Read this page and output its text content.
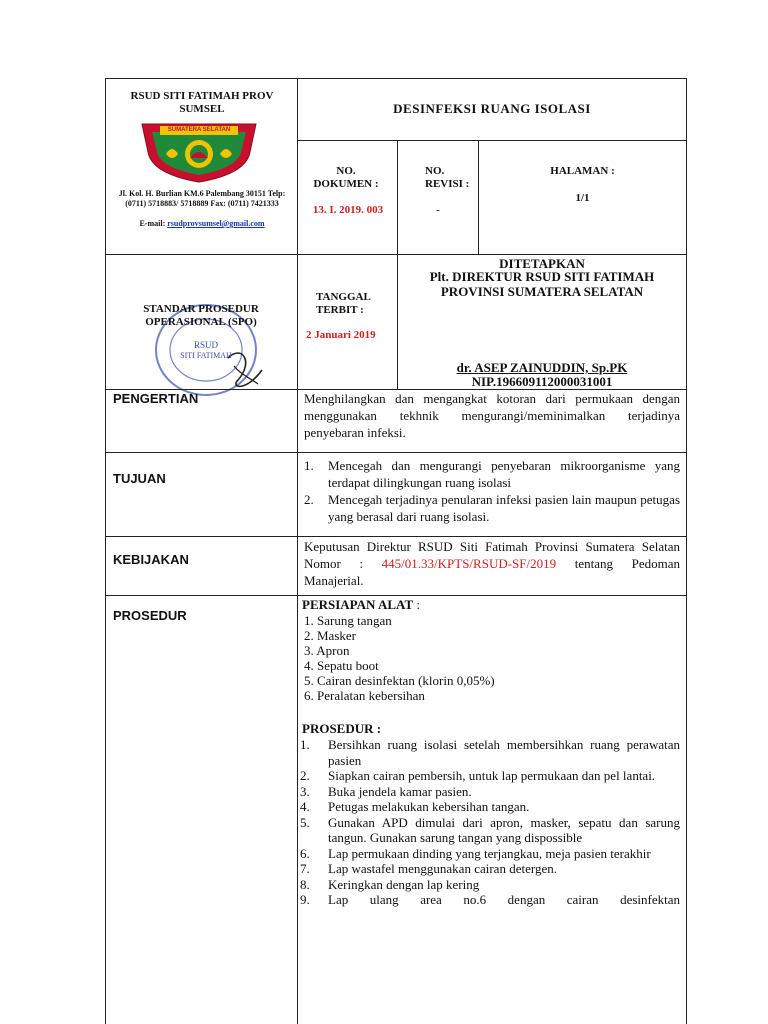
RSUD SITI FATIMAH PROV SUMSEL
SUMATERA SELATAN
Jl. Kol. H. Burlian KM.6 Palembang 30151 Telp: (0711) 5718883/ 5718889 Fax: (0711) 7421333
E-mail: rsudprovsumsel@gmail.com
DESINFEKSI RUANG ISOLASI
NO. DOKUMEN :
13. I. 2019. 003
NO. REVISI :
-
HALAMAN :
1/1
RSUD
SITI FATIMAH
STANDAR PROSEDUR OPERASIONAL (SPO)
TANGGAL TERBIT :
2 Januari 2019
DITETAPKAN
Plt. DIREKTUR RSUD SITI FATIMAH
PROVINSI SUMATERA SELATAN
dr. ASEP ZAINUDDIN, Sp.PK
NIP.196609112000031001
PENGERTIAN	Menghilangkan dan mengangkat kotoran dari permukaan dengan menggunakan tekhnik mengurangi/meminimalkan terjadinya penyebaran infeksi.
TUJUAN
1. Mencegah dan mengurangi penyebaran mikroorganisme yang terdapat dilingkungan ruang isolasi
2. Mencegah terjadinya penularan infeksi pasien lain maupun petugas yang berasal dari ruang isolasi.
KEBIJAKAN
Keputusan Direktur RSUD Siti Fatimah Provinsi Sumatera Selatan Nomor : 445/01.33/KPTS/RSUD-SF/2019 tentang Pedoman Manajerial.
PROSEDUR
PERSIAPAN ALAT :
1. Sarung tangan
2. Masker
3. Apron
4. Sepatu boot
5. Cairan desinfektan (klorin 0,05%)
6. Peralatan kebersihan
PROSEDUR :
1. Bersihkan ruang isolasi setelah membersihkan ruang perawatan pasien
2. Siapkan cairan pembersih, untuk lap permukaan dan pel lantai.
3. Buka jendela kamar pasien.
4. Petugas melakukan kebersihan tangan.
5. Gunakan APD dimulai dari apron, masker, sepatu dan sarung tangun. Gunakan sarung tangan yang dispossible
6. Lap permukaan dinding yang terjangkau, meja pasien terakhir
7. Lap wastafel menggunakan cairan detergen.
8. Keringkan dengan lap kering
9. Lap ulang area no.6 dengan cairan desinfektan
